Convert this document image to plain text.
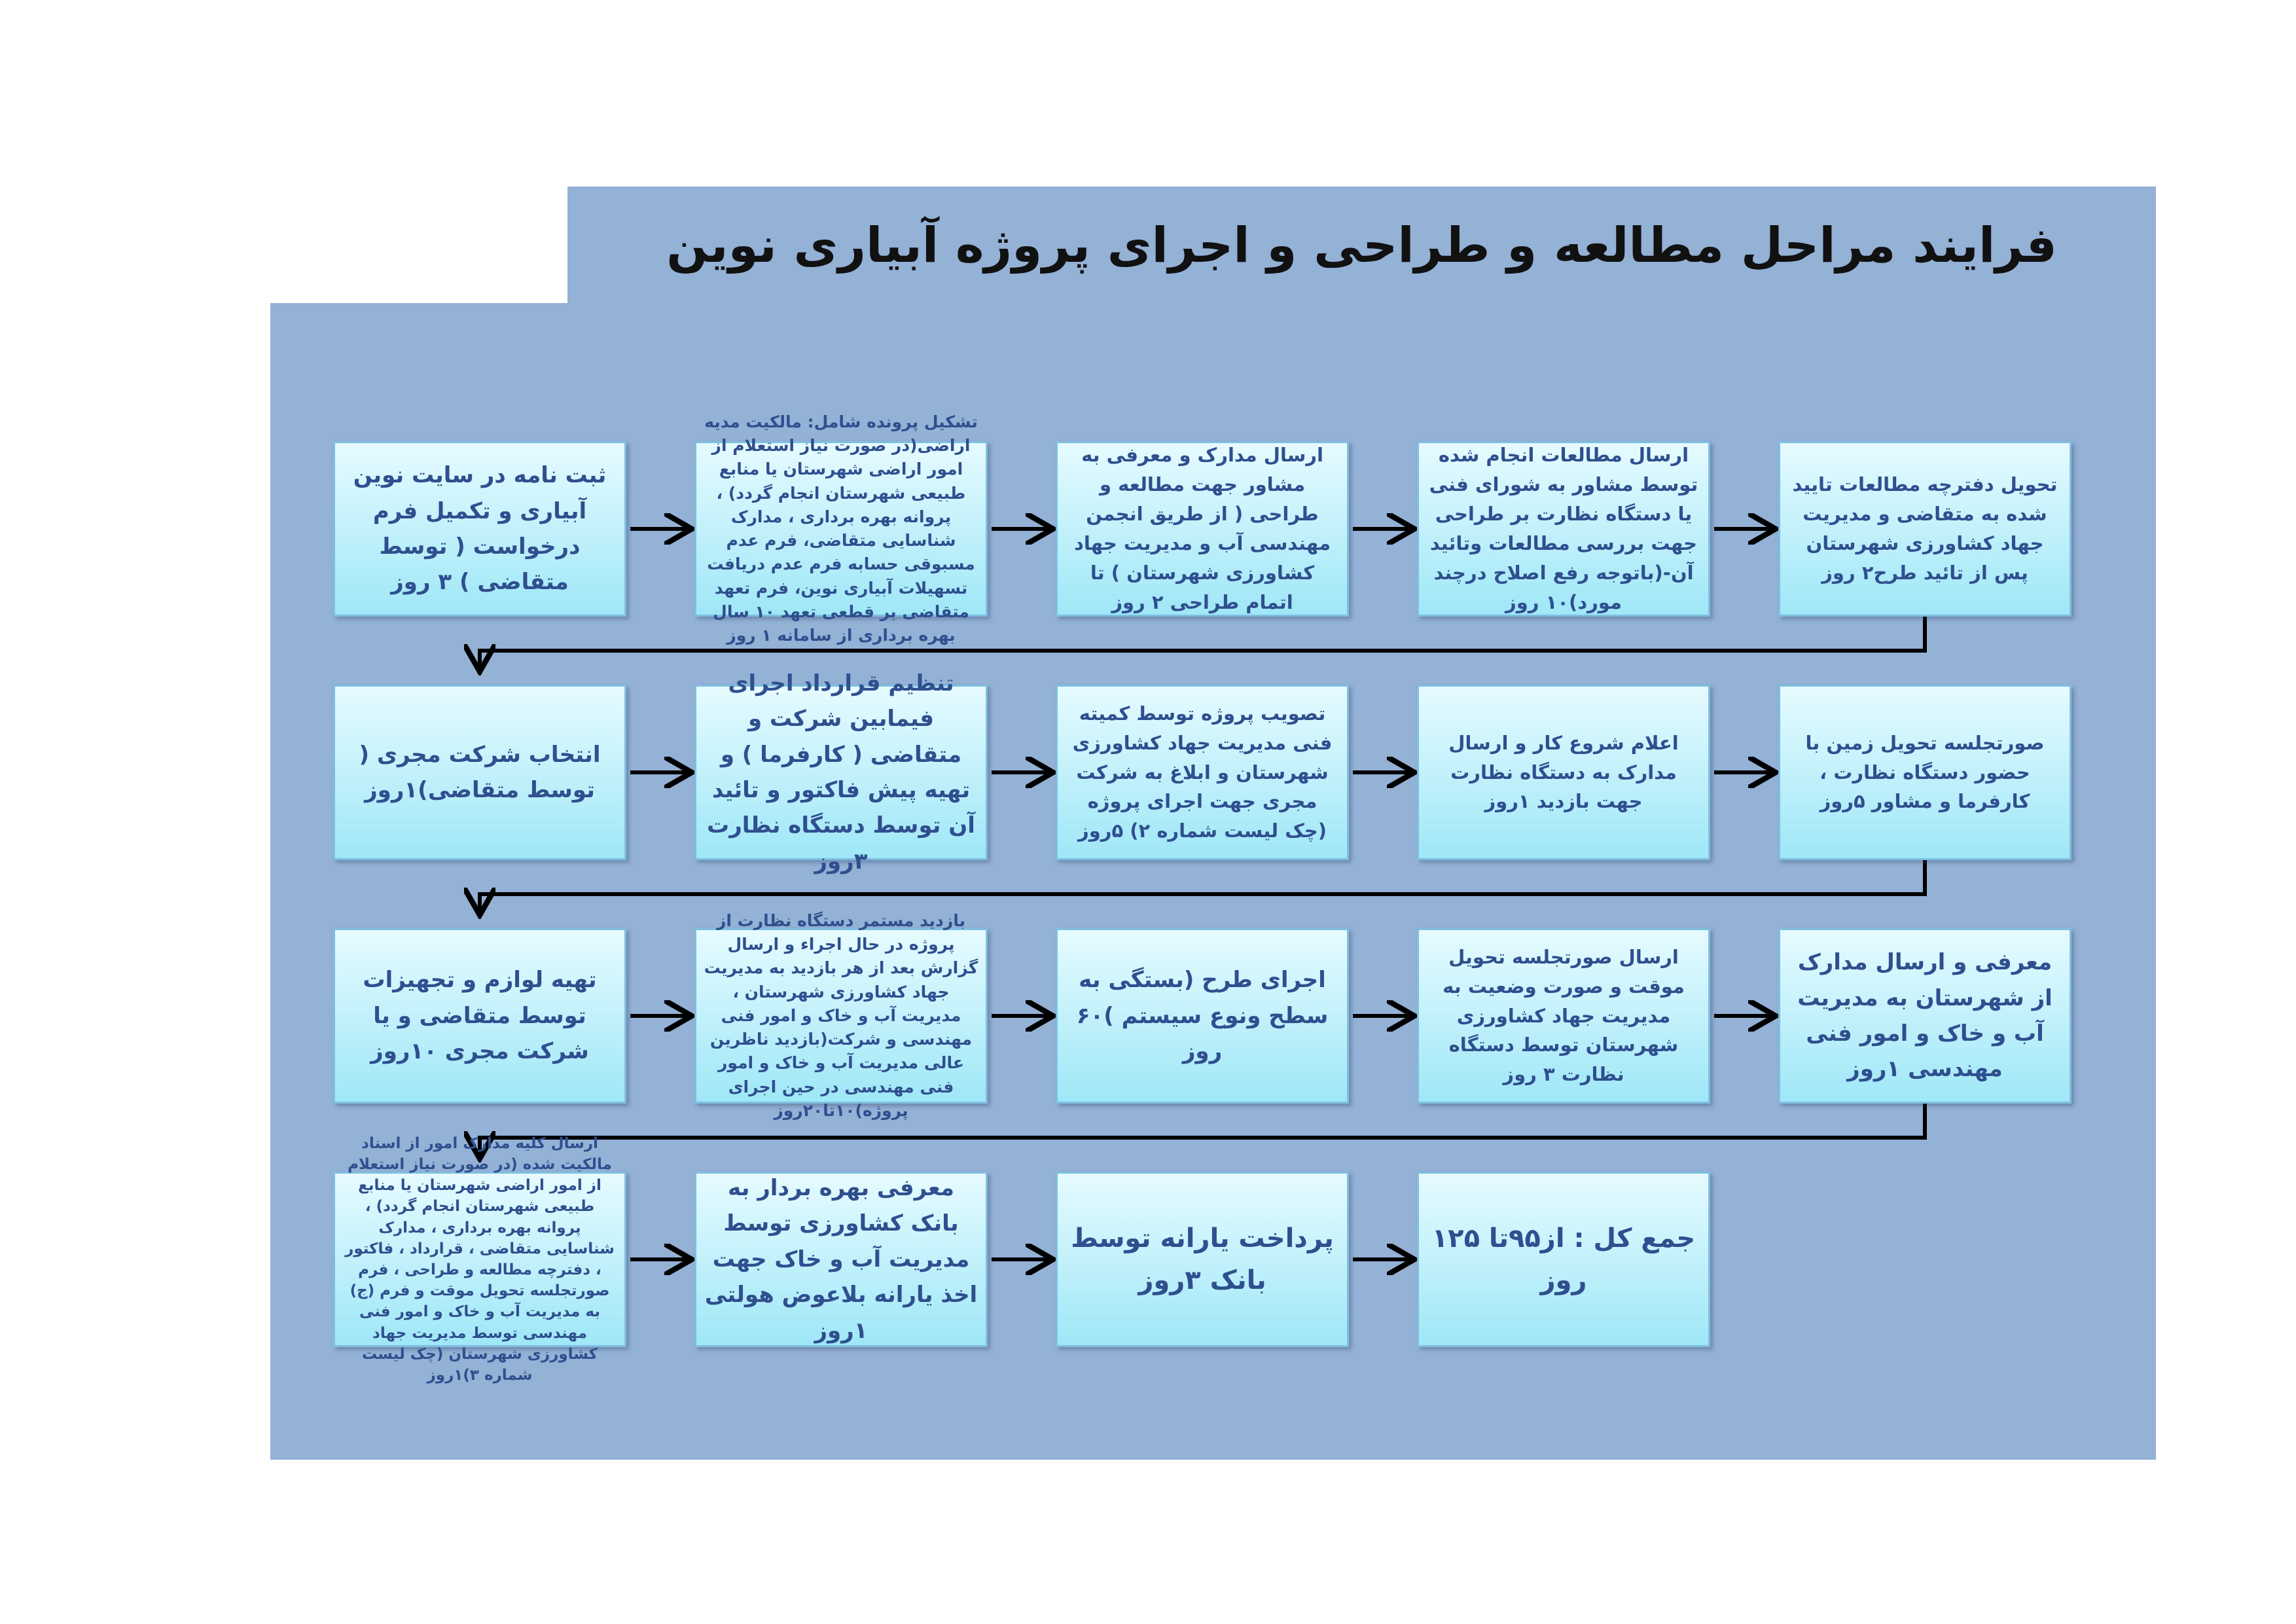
فرایند مراحل مطالعه و طراحی و اجرای پروژه آبیاری نوین
ثبت نامه در سایت نوین آبیاری و تکمیل فرم درخواست ( توسط متقاضی ) ۳ روز
تشکیل پرونده شامل: مالکیت مدیه اراضی(در صورت نیاز استعلام از امور اراضی شهرستان یا منابع طبیعی شهرستان انجام گردد) ، پروانه بهره برداری ، مدارک شناسایی متقاضی، فرم عدم مسبوقی حسابه فرم عدم دریافت تسهیلات آبیاری نوین، فرم تعهد متقاضی بر قطعی تعهد ۱۰ سال بهره برداری از سامانه ۱ روز
ارسال مدارک و معرفی به مشاور جهت مطالعه و طراحی ( از طریق انجمن مهندسی آب و مدیریت جهاد کشاورزی شهرستان ) تا اتمام طراحی ۲ روز
ارسال مطالعات انجام شده توسط مشاور به شورای فنی یا دستگاه نظارت بر طراحی جهت بررسی مطالعات وتائید آن-(باتوجه رفع اصلاح درچند مورد)۱۰ روز
تحویل دفترچه مطالعات تایید شده به متقاضی و مدیریت جهاد کشاورزی شهرستان پس از تائید طرح۲ روز
انتخاب شرکت مجری ( توسط متقاضی)۱روز
تنظیم قرارداد اجرای فیمابین شرکت و متقاضی ( کارفرما ) و تهیه پیش فاکتور و تائید آن توسط دستگاه نظارت ۳روز
تصویب پروژه توسط کمیته فنی مدیریت جهاد کشاورزی شهرستان و ابلاغ به شرکت مجری جهت اجرای پروژه (چک لیست شماره ۲) ۵روز
اعلام شروع کار و ارسال مدارک به دستگاه نظارت جهت بازدید ۱روز
صورتجلسه تحویل زمین با حضور دستگاه نظارت ، کارفرما و مشاور ۵روز
تهیه لوازم و تجهیزات توسط متقاضی و یا شرکت مجری ۱۰روز
بازدید مستمر دستگاه نظارت از پروژه در حال اجراء و ارسال گزارش بعد از هر بازدید به مدیریت جهاد کشاورزی شهرستان ، مدیریت آب و خاک و امور فنی مهندسی و شرکت(بازدید ناظرین عالی مدیریت آب و خاک و امور فنی مهندسی در حین اجرای پروژه)۱۰تا۲۰روز
اجرای طرح (بستگی به سطح ونوع سیستم )۶۰ روز
ارسال صورتجلسه تحویل موقت و صورت وضعیت به مدیریت جهاد کشاورزی شهرستان توسط دستگاه نظارت ۳ روز
معرفی و ارسال مدارک از شهرستان به مدیریت آب و خاک و امور فنی مهندسی ۱روز
ارسال کلیه مدارک امور از اسناد مالکیت شده (در صورت نیاز استعلام از امور اراضی شهرستان یا منابع طبیعی شهرستان انجام گردد) ، پروانه بهره برداری ، مدارک شناسایی متقاضی ، قرارداد ، فاکتور ، دفترچه مطالعه و طراحی ، فرم صورتجلسه تحویل موقت و فرم (ج) به مدیریت آب و خاک و امور فنی مهندسی توسط مدیریت جهاد کشاورزی شهرستان (چک لیست شماره ۳)۱روز
معرفی بهره بردار به بانک کشاورزی توسط مدیریت آب و خاک جهت اخذ یارانه بلاعوض هولتی ۱روز
پرداخت یارانه توسط بانک ۳روز
جمع کل : از۹۵تا ۱۲۵ روز
